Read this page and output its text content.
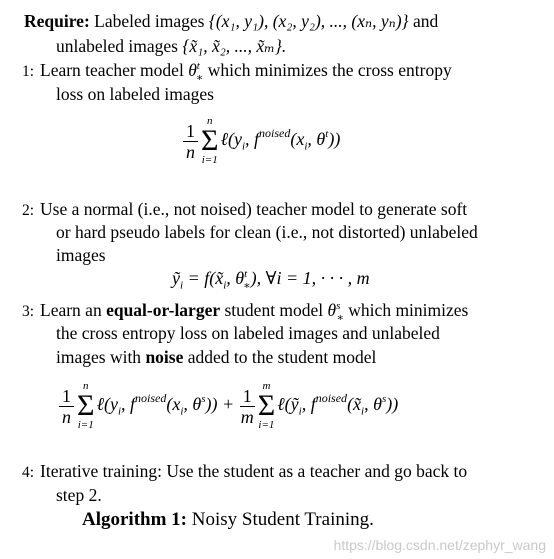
Require: Labeled images {(x₁, y₁), (x₂, y₂), ..., (xₙ, yₙ)} and
unlabeled images {x̃₁, x̃₂, ..., x̃ₘ}.
1: Learn teacher model $\theta^t_∗$ which minimizes the cross entropy
loss on labeled images
$\frac{1}{n}$ n
Σ
i=1
$\ell(y_i$, $f^{noised}(x_i$, $\theta^t$))
2: Use a normal (i.e., not noised) teacher model to generate soft
or hard pseudo labels for clean (i.e., not distorted) unlabeled
images
ỹ$_i$ = $f(x̃_i$, $\theta^t_∗$), ∀i = 1, · · · , m
3: Learn an equal-or-larger student model $\theta^s_∗$ which minimizes
the cross entropy loss on labeled images and unlabeled
images with noise added to the student model
$\frac{1}{n}$ n
Σ
i=1
$\ell(y_i$, $f^{noised}(x_i$, $\theta^s)) + \frac{1}{m}$ m
Σ
i=1
ℓ(ỹ$_i$, $f^{noised}(x̃_i$, $\theta^s$))
4: Iterative training: Use the student as a teacher and go back to
step 2.
Algorithm 1: Noisy Student Training.
https://blog.csdn.net/zephyr_wang
